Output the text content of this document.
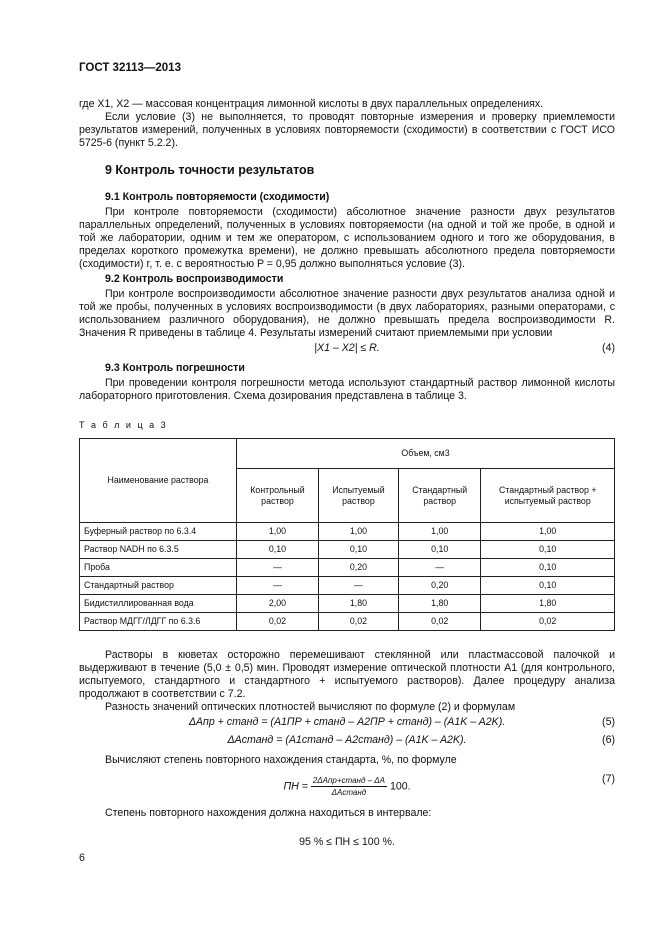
ГОСТ 32113—2013

где X1, X2 — массовая концентрация лимонной кислоты в двух параллельных определениях.

Если условие (3) не выполняется, то проводят повторные измерения и проверку приемлемости результатов измерений, полученных в условиях повторяемости (сходимости) в соответствии с ГОСТ ИСО 5725-6 (пункт 5.2.2).

9 Контроль точности результатов
9.1 Контроль повторяемости (сходимости)

При контроле повторяемости (сходимости) абсолютное значение разности двух результатов параллельных определений, полученных в условиях повторяемости (на одной и той же пробе, в одной и той же лаборатории, одним и тем же оператором, с использованием одного и того же оборудования, в пределах короткого промежутка времени), не должно превышать абсолютного предела повторяемости (сходимости) r, т. е. с вероятностью P = 0,95 должно выполняться условие (3).

9.2 Контроль воспроизводимости

При контроле воспроизводимости абсолютное значение разности двух результатов анализа одной и той же пробы, полученных в условиях воспроизводимости (в двух лабораториях, разными операторами, с использованием различного оборудования), не должно превышать предела воспроизводимости R. Значения R приведены в таблице 4. Результаты измерений считают приемлемыми при условии

|X1 – X2| ≤ R.	(4)
9.3 Контроль погрешности

При проведении контроля погрешности метода используют стандартный раствор лимонной кислоты лабораторного приготовления. Схема дозирования представлена в таблице 3.

Т а б л и ц а 3
Наименование раствора	Объем, см3			
	Контрольный раствор	Испытуемый раствор	Стандартный раствор	Стандартный раствор + испытуемый раствор
Буферный раствор по 6.3.4	1,00	1,00	1,00	1,00
Раствор NADH по 6.3.5	0,10	0,10	0,10	0,10
Проба	—	0,20	—	0,10
Стандартный раствор	—	—	0,20	0,10
Бидистиллированная вода	2,00	1,80	1,80	1,80
Раствор МДГГ/ЛДГГ по 6.3.6	0,02	0,02	0,02	0,02

Растворы в кюветах осторожно перемешивают стеклянной или пластмассовой палочкой и выдерживают в течение (5,0 ± 0,5) мин. Проводят измерение оптической плотности A1 (для контрольного, испытуемого, стандартного и стандартного + испытуемого растворов). Далее процедуру анализа продолжают в соответствии с 7.2.

Разность значений оптических плотностей вычисляют по формуле (2) и формулам

ΔAпр + станд = (A1ПР + станд – A2ПР + станд) – (A1K – A2K).	(5)
ΔAстанд = (A1станд – A2станд) – (A1K – A2K).	(6)

Вычисляют степень повторного нахождения стандарта, %, по формуле

ПН = $\frac{\text{2ΔAпр+станд – ΔA}}{\text{ΔAстанд}} 100$.
(7)

Степень повторного нахождения должна находиться в интервале:

95 % ≤ ПН ≤ 100 %.
6
